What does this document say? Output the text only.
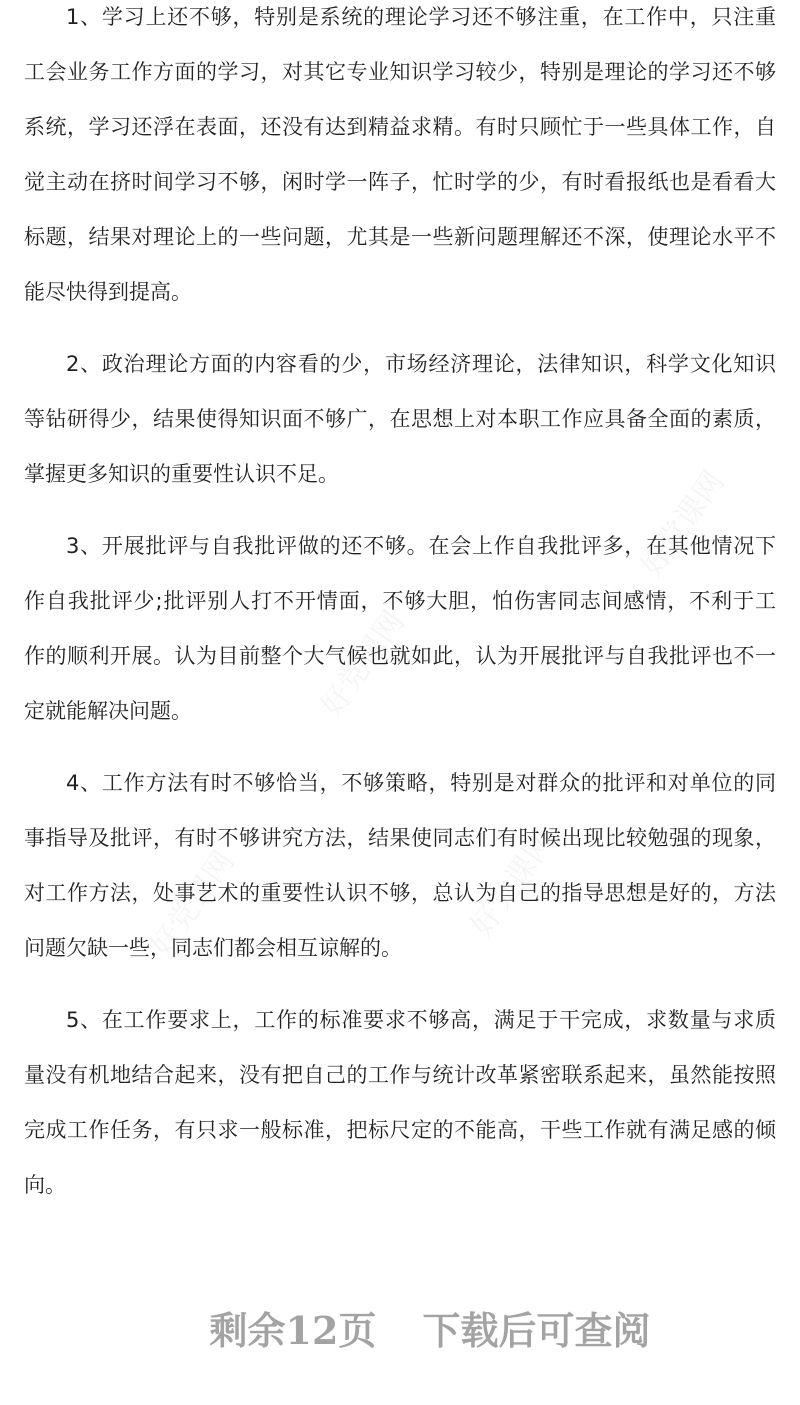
1、学习上还不够，特别是系统的理论学习还不够注重，在工作中，只注重
工会业务工作方面的学习，对其它专业知识学习较少，特别是理论的学习还不够
系统，学习还浮在表面，还没有达到精益求精。有时只顾忙于一些具体工作，自
觉主动在挤时间学习不够，闲时学一阵子，忙时学的少，有时看报纸也是看看大
标题，结果对理论上的一些问题，尤其是一些新问题理解还不深，使理论水平不
能尽快得到提高。
2、政治理论方面的内容看的少，市场经济理论，法律知识，科学文化知识
等钻研得少，结果使得知识面不够广，在思想上对本职工作应具备全面的素质，
掌握更多知识的重要性认识不足。
3、开展批评与自我批评做的还不够。在会上作自我批评多，在其他情况下
作自我批评少;批评别人打不开情面，不够大胆，怕伤害同志间感情，不利于工
作的顺利开展。认为目前整个大气候也就如此，认为开展批评与自我批评也不一
定就能解决问题。
4、工作方法有时不够恰当，不够策略，特别是对群众的批评和对单位的同
事指导及批评，有时不够讲究方法，结果使同志们有时候出现比较勉强的现象，
对工作方法，处事艺术的重要性认识不够，总认为自己的指导思想是好的，方法
问题欠缺一些，同志们都会相互谅解的。
5、在工作要求上，工作的标准要求不够高，满足于干完成，求数量与求质
量没有机地结合起来，没有把自己的工作与统计改革紧密联系起来，虽然能按照
完成工作任务，有只求一般标准，把标尺定的不能高，干些工作就有满足感的倾
向。
剩余12页 下载后可查阅
